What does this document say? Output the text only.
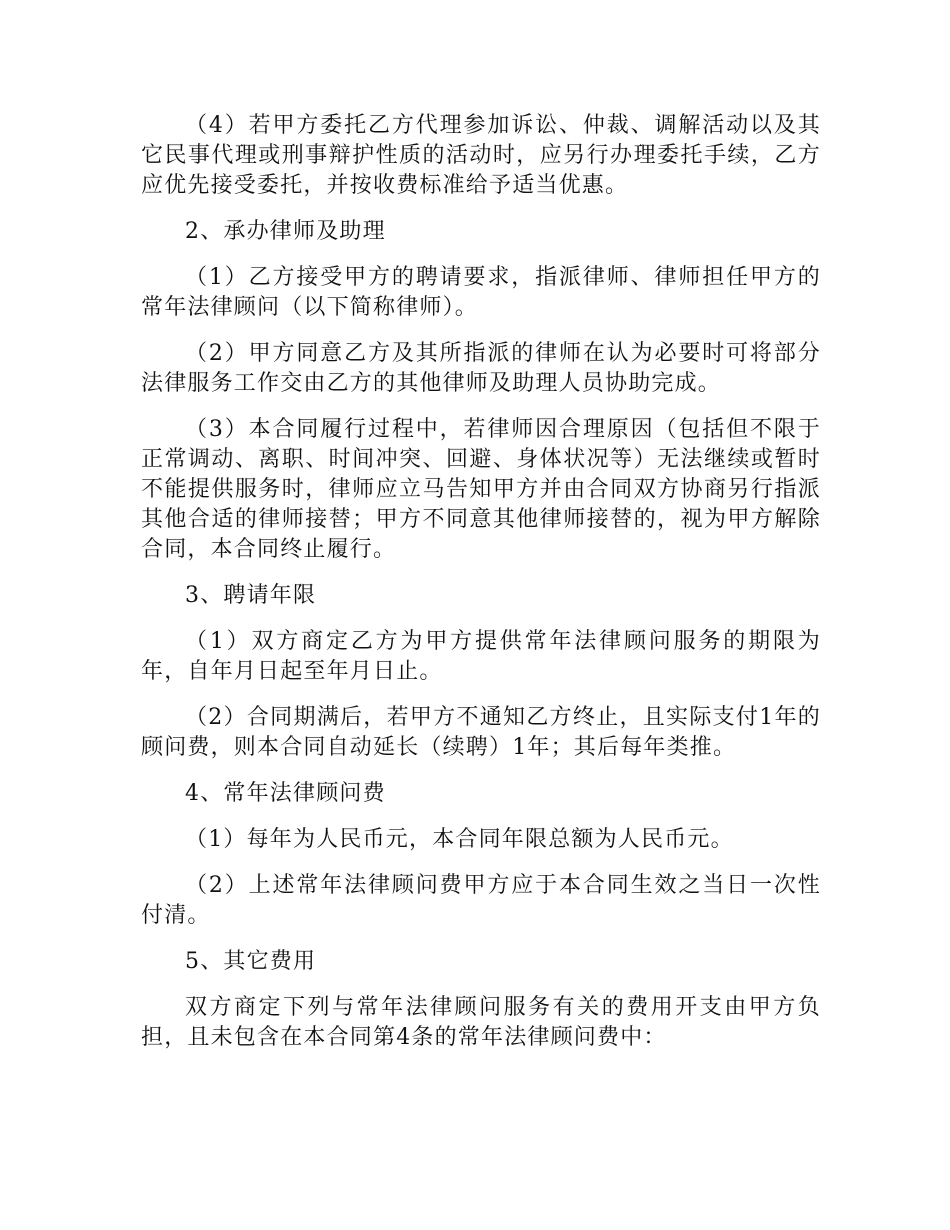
（4）若甲方委托乙方代理参加诉讼、仲裁、调解活动以及其它民事代理或刑事辩护性质的活动时，应另行办理委托手续，乙方应优先接受委托，并按收费标准给予适当优惠。

2、承办律师及助理

（1）乙方接受甲方的聘请要求，指派律师、律师担任甲方的常年法律顾问（以下简称律师）。

（2）甲方同意乙方及其所指派的律师在认为必要时可将部分法律服务工作交由乙方的其他律师及助理人员协助完成。

（3）本合同履行过程中，若律师因合理原因（包括但不限于正常调动、离职、时间冲突、回避、身体状况等）无法继续或暂时不能提供服务时，律师应立马告知甲方并由合同双方协商另行指派其他合适的律师接替；甲方不同意其他律师接替的，视为甲方解除合同，本合同终止履行。

3、聘请年限

（1）双方商定乙方为甲方提供常年法律顾问服务的期限为年，自年月日起至年月日止。

（2）合同期满后，若甲方不通知乙方终止，且实际支付1年的顾问费，则本合同自动延长（续聘）1年；其后每年类推。

4、常年法律顾问费

（1）每年为人民币元，本合同年限总额为人民币元。

（2）上述常年法律顾问费甲方应于本合同生效之当日一次性付清。

5、其它费用

双方商定下列与常年法律顾问服务有关的费用开支由甲方负担，且未包含在本合同第4条的常年法律顾问费中：
